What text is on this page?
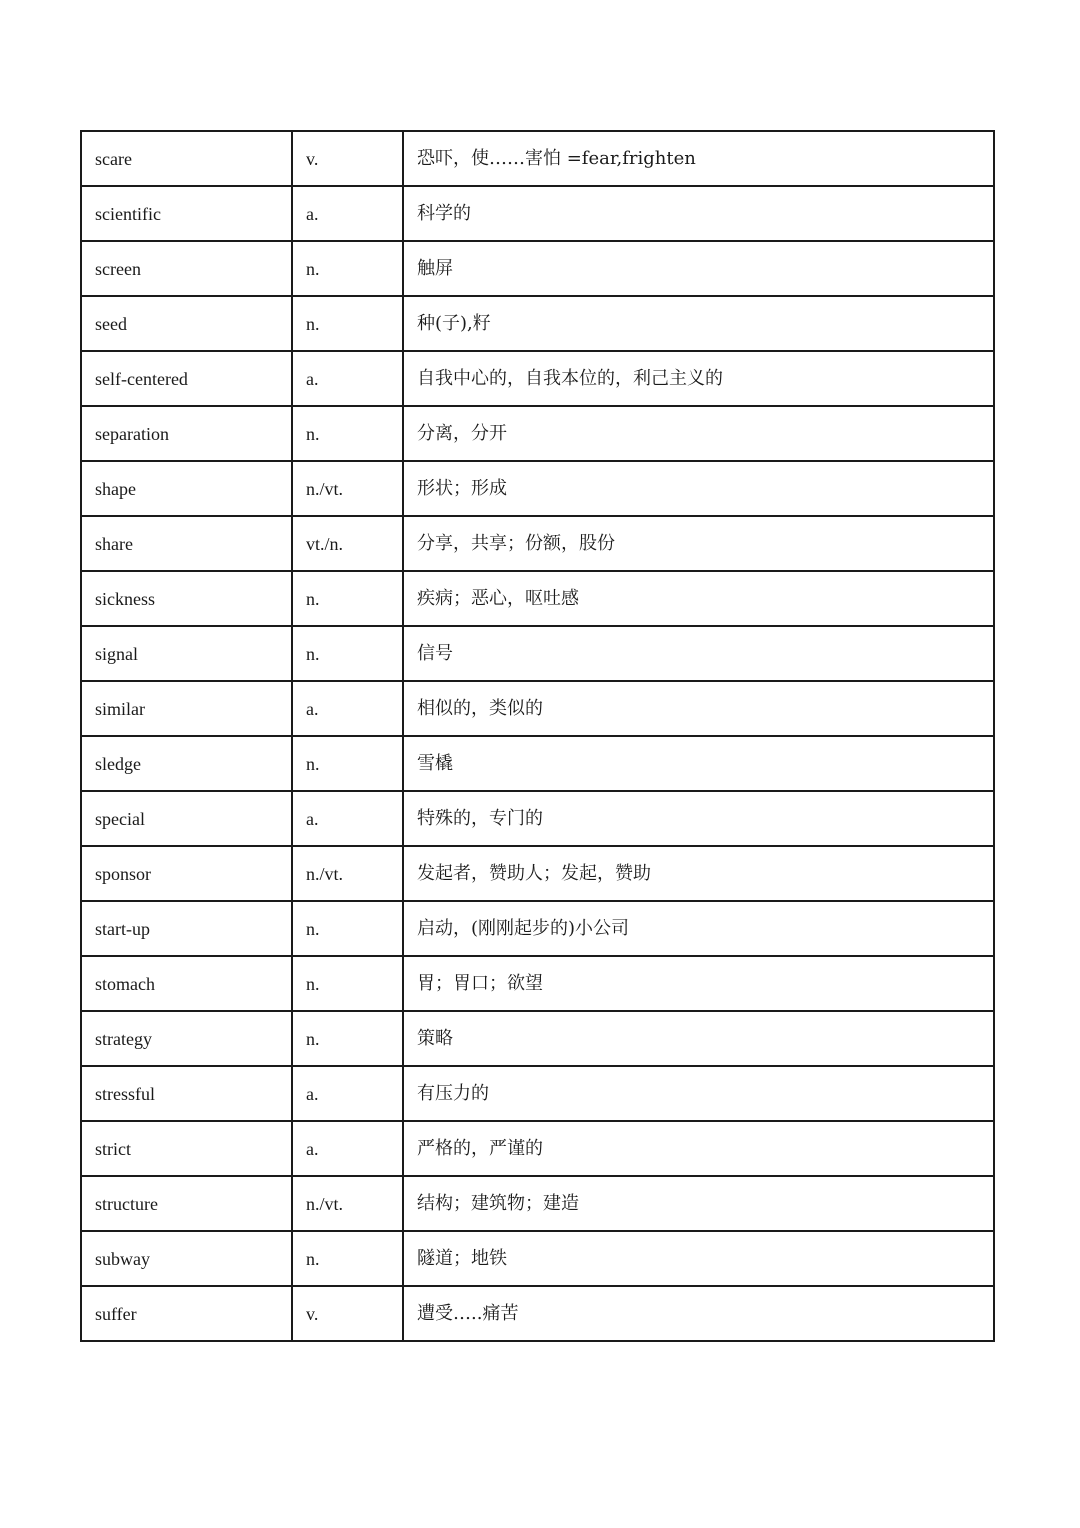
scare	v.	恐吓，使……害怕 =fear,frighten
scientific	a.	科学的
screen	n.	触屏
seed	n.	种(子),籽
self-centered	a.	自我中心的，自我本位的，利己主义的
separation	n.	分离，分开
shape	n./vt.	形状；形成
share	vt./n.	分享，共享；份额，股份
sickness	n.	疾病；恶心，呕吐感
signal	n.	信号
similar	a.	相似的，类似的
sledge	n.	雪橇
special	a.	特殊的，专门的
sponsor	n./vt.	发起者，赞助人；发起，赞助
start-up	n.	启动，(刚刚起步的)小公司
stomach	n.	胃；胃口；欲望
strategy	n.	策略
stressful	a.	有压力的
strict	a.	严格的，严谨的
structure	n./vt.	结构；建筑物；建造
subway	n.	隧道；地铁
suffer	v.	遭受…..痛苦
